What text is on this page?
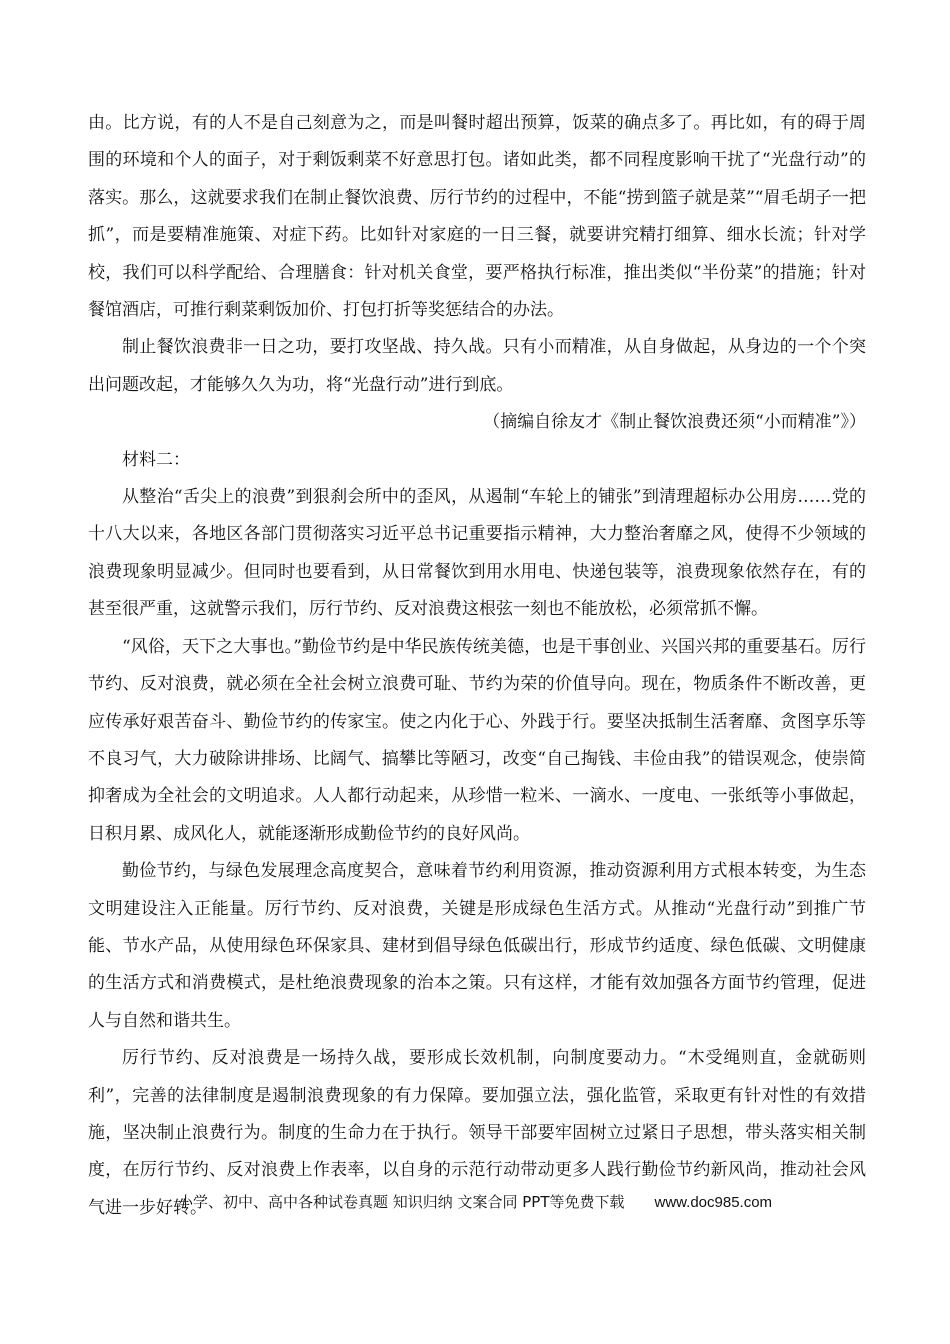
由。比方说，有的人不是自己刻意为之，而是叫餐时超出预算，饭菜的确点多了。再比如，有的碍于周围的环境和个人的面子，对于剩饭剩菜不好意思打包。诸如此类，都不同程度影响干扰了“光盘行动”的落实。那么，这就要求我们在制止餐饮浪费、厉行节约的过程中，不能“捞到篮子就是菜”“眉毛胡子一把抓”，而是要精准施策、对症下药。比如针对家庭的一日三餐，就要讲究精打细算、细水长流；针对学校，我们可以科学配给、合理膳食：针对机关食堂，要严格执行标准，推出类似“半份菜”的措施；针对餐馆酒店，可推行剩菜剩饭加价、打包打折等奖惩结合的办法。

制止餐饮浪费非一日之功，要打攻坚战、持久战。只有小而精准，从自身做起，从身边的一个个突出问题改起，才能够久久为功，将“光盘行动”进行到底。

（摘编自徐友才《制止餐饮浪费还须“小而精准”》）

材料二：

从整治“舌尖上的浪费”到狠刹会所中的歪风，从遏制“车轮上的铺张”到清理超标办公用房……党的十八大以来，各地区各部门贯彻落实习近平总书记重要指示精神，大力整治奢靡之风，使得不少领域的浪费现象明显减少。但同时也要看到，从日常餐饮到用水用电、快递包装等，浪费现象依然存在，有的甚至很严重，这就警示我们，厉行节约、反对浪费这根弦一刻也不能放松，必须常抓不懈。

“风俗，天下之大事也。”勤俭节约是中华民族传统美德，也是干事创业、兴国兴邦的重要基石。厉行节约、反对浪费，就必须在全社会树立浪费可耻、节约为荣的价值导向。现在，物质条件不断改善，更应传承好艰苦奋斗、勤俭节约的传家宝。使之内化于心、外践于行。要坚决抵制生活奢靡、贪图享乐等不良习气，大力破除讲排场、比阔气、搞攀比等陋习，改变“自己掏钱、丰俭由我”的错误观念，使崇简抑奢成为全社会的文明追求。人人都行动起来，从珍惜一粒米、一滴水、一度电、一张纸等小事做起，日积月累、成风化人，就能逐渐形成勤俭节约的良好风尚。

勤俭节约，与绿色发展理念高度契合，意味着节约利用资源，推动资源利用方式根本转变，为生态文明建设注入正能量。厉行节约、反对浪费，关键是形成绿色生活方式。从推动“光盘行动”到推广节能、节水产品，从使用绿色环保家具、建材到倡导绿色低碳出行，形成节约适度、绿色低碳、文明健康的生活方式和消费模式，是杜绝浪费现象的治本之策。只有这样，才能有效加强各方面节约管理，促进人与自然和谐共生。

厉行节约、反对浪费是一场持久战，要形成长效机制，向制度要动力。“木受绳则直，金就砺则利”，完善的法律制度是遏制浪费现象的有力保障。要加强立法，强化监管，采取更有针对性的有效措施，坚决制止浪费行为。制度的生命力在于执行。领导干部要牢固树立过紧日子思想，带头落实相关制度，在厉行节约、反对浪费上作表率，以自身的示范行动带动更多人践行勤俭节约新风尚，推动社会风气进一步好转。

小学、初中、高中各种试卷真题 知识归纳 文案合同 PPT等免费下载 www.doc985.com
